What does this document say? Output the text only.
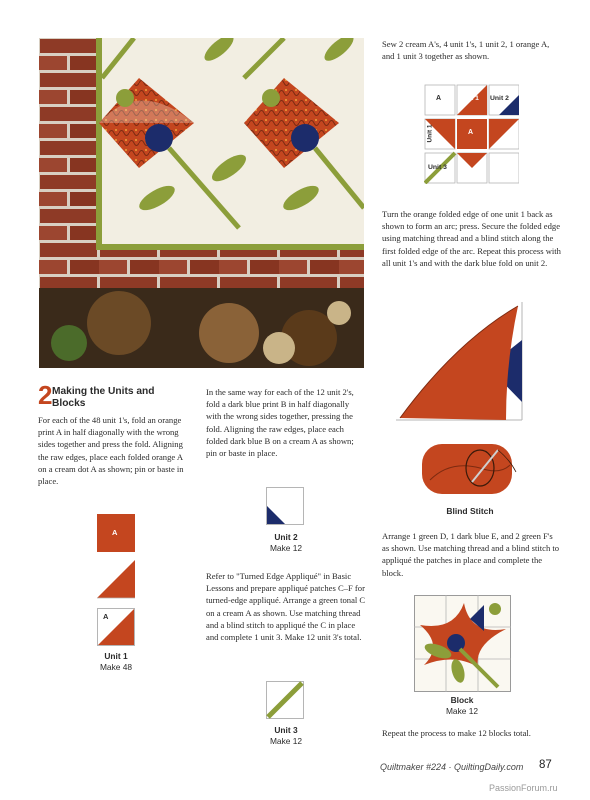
Sew 2 cream A's, 4 unit 1's, 1 unit 2, 1 orange A, and 1 unit 3 together as shown.
A	Unit 1 Unit 2
A
Unit 1
Unit 3
Turn the orange folded edge of one unit 1 back as shown to form an arc; press. Secure the folded edge using matching thread and a blind stitch along the first folded edge of the arc. Repeat this process with all unit 1's and with the dark blue fold on unit 2.
Blind Stitch
Arrange 1 green D, 1 dark blue E, and 2 green F's as shown. Use matching thread and a blind stitch to appliqué the patches in place and complete the block.
Block
Make 12
Repeat the process to make 12 blocks total.
2 Making the Units and Blocks
For each of the 48 unit 1's, fold an orange print A in half diagonally with the wrong sides together and press the fold. Aligning the raw edges, place each folded orange A on a cream dot A as shown; pin or baste in place.
A
A
Unit 1
Make 48
In the same way for each of the 12 unit 2's, fold a dark blue print B in half diagonally with the wrong sides together, pressing the fold. Aligning the raw edges, place each folded dark blue B on a cream A as shown; pin or baste in place.
Unit 2
Make 12
Refer to "Turned Edge Appliqué" in Basic Lessons and prepare appliqué patches C–F for turned-edge appliqué. Arrange a green tonal C on a cream A as shown. Use matching thread and a blind stitch to appliqué the C in place and complete 1 unit 3. Make 12 unit 3's total.
Unit 3
Make 12
Quiltmaker #224 · QuiltingDaily.com 87
PassionForum.ru
